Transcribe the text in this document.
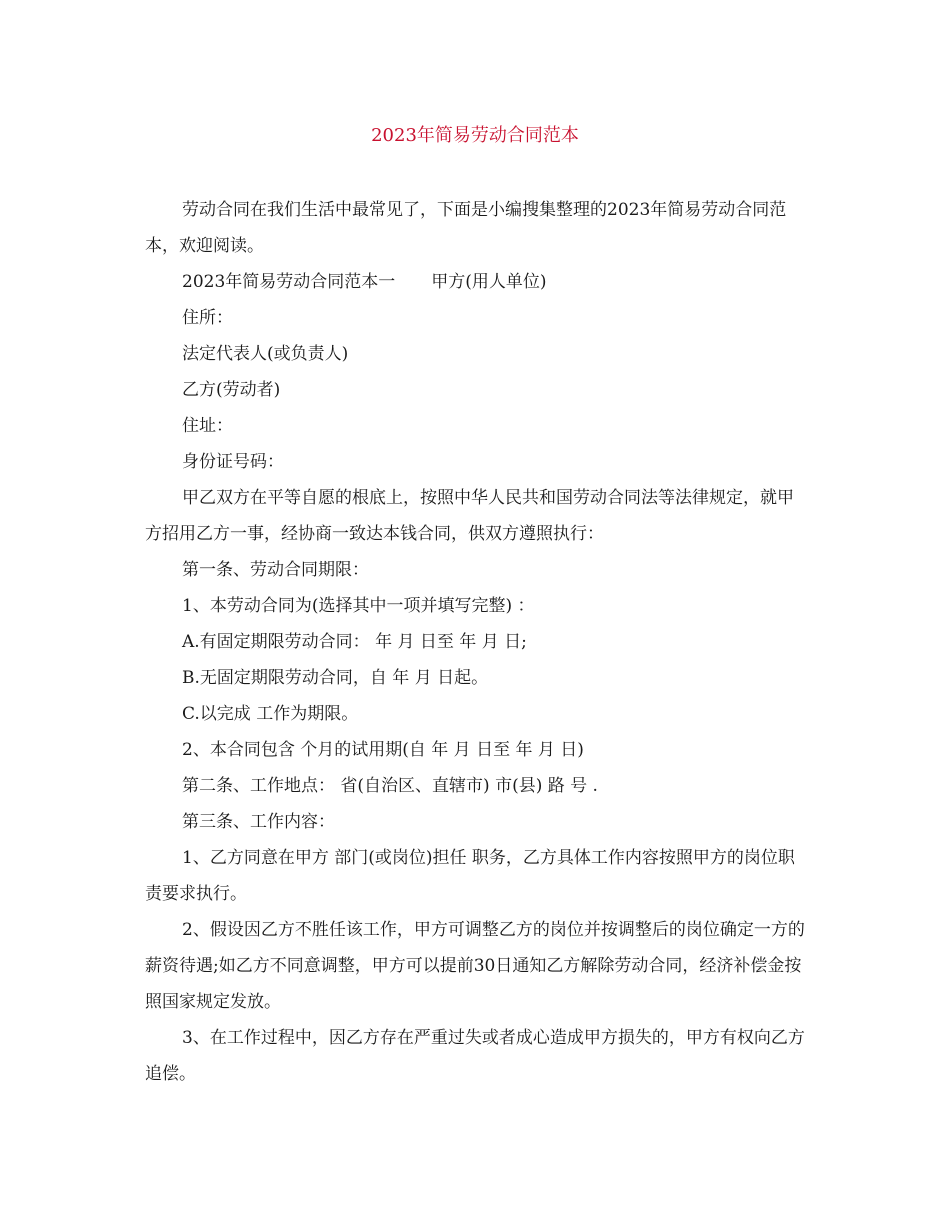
2023年简易劳动合同范本

劳动合同在我们生活中最常见了，下面是小编搜集整理的2023年简易劳动合同范本，欢迎阅读。

2023年简易劳动合同范本一 甲方(用人单位)

住所：

法定代表人(或负责人)

乙方(劳动者)

住址：

身份证号码：

甲乙双方在平等自愿的根底上，按照中华人民共和国劳动合同法等法律规定，就甲方招用乙方一事，经协商一致达本钱合同，供双方遵照执行：

第一条、劳动合同期限：

1、本劳动合同为(选择其中一项并填写完整) ：

A.有固定期限劳动合同： 年 月 日至 年 月 日;

B.无固定期限劳动合同，自 年 月 日起。

C.以完成 工作为期限。

2、本合同包含 个月的试用期(自 年 月 日至 年 月 日)

第二条、工作地点： 省(自治区、直辖市) 市(县) 路 号 .

第三条、工作内容：

1、乙方同意在甲方 部门(或岗位)担任 职务，乙方具体工作内容按照甲方的岗位职责要求执行。

2、假设因乙方不胜任该工作，甲方可调整乙方的岗位并按调整后的岗位确定一方的薪资待遇;如乙方不同意调整，甲方可以提前30日通知乙方解除劳动合同，经济补偿金按照国家规定发放。

3、在工作过程中，因乙方存在严重过失或者成心造成甲方损失的，甲方有权向乙方追偿。
